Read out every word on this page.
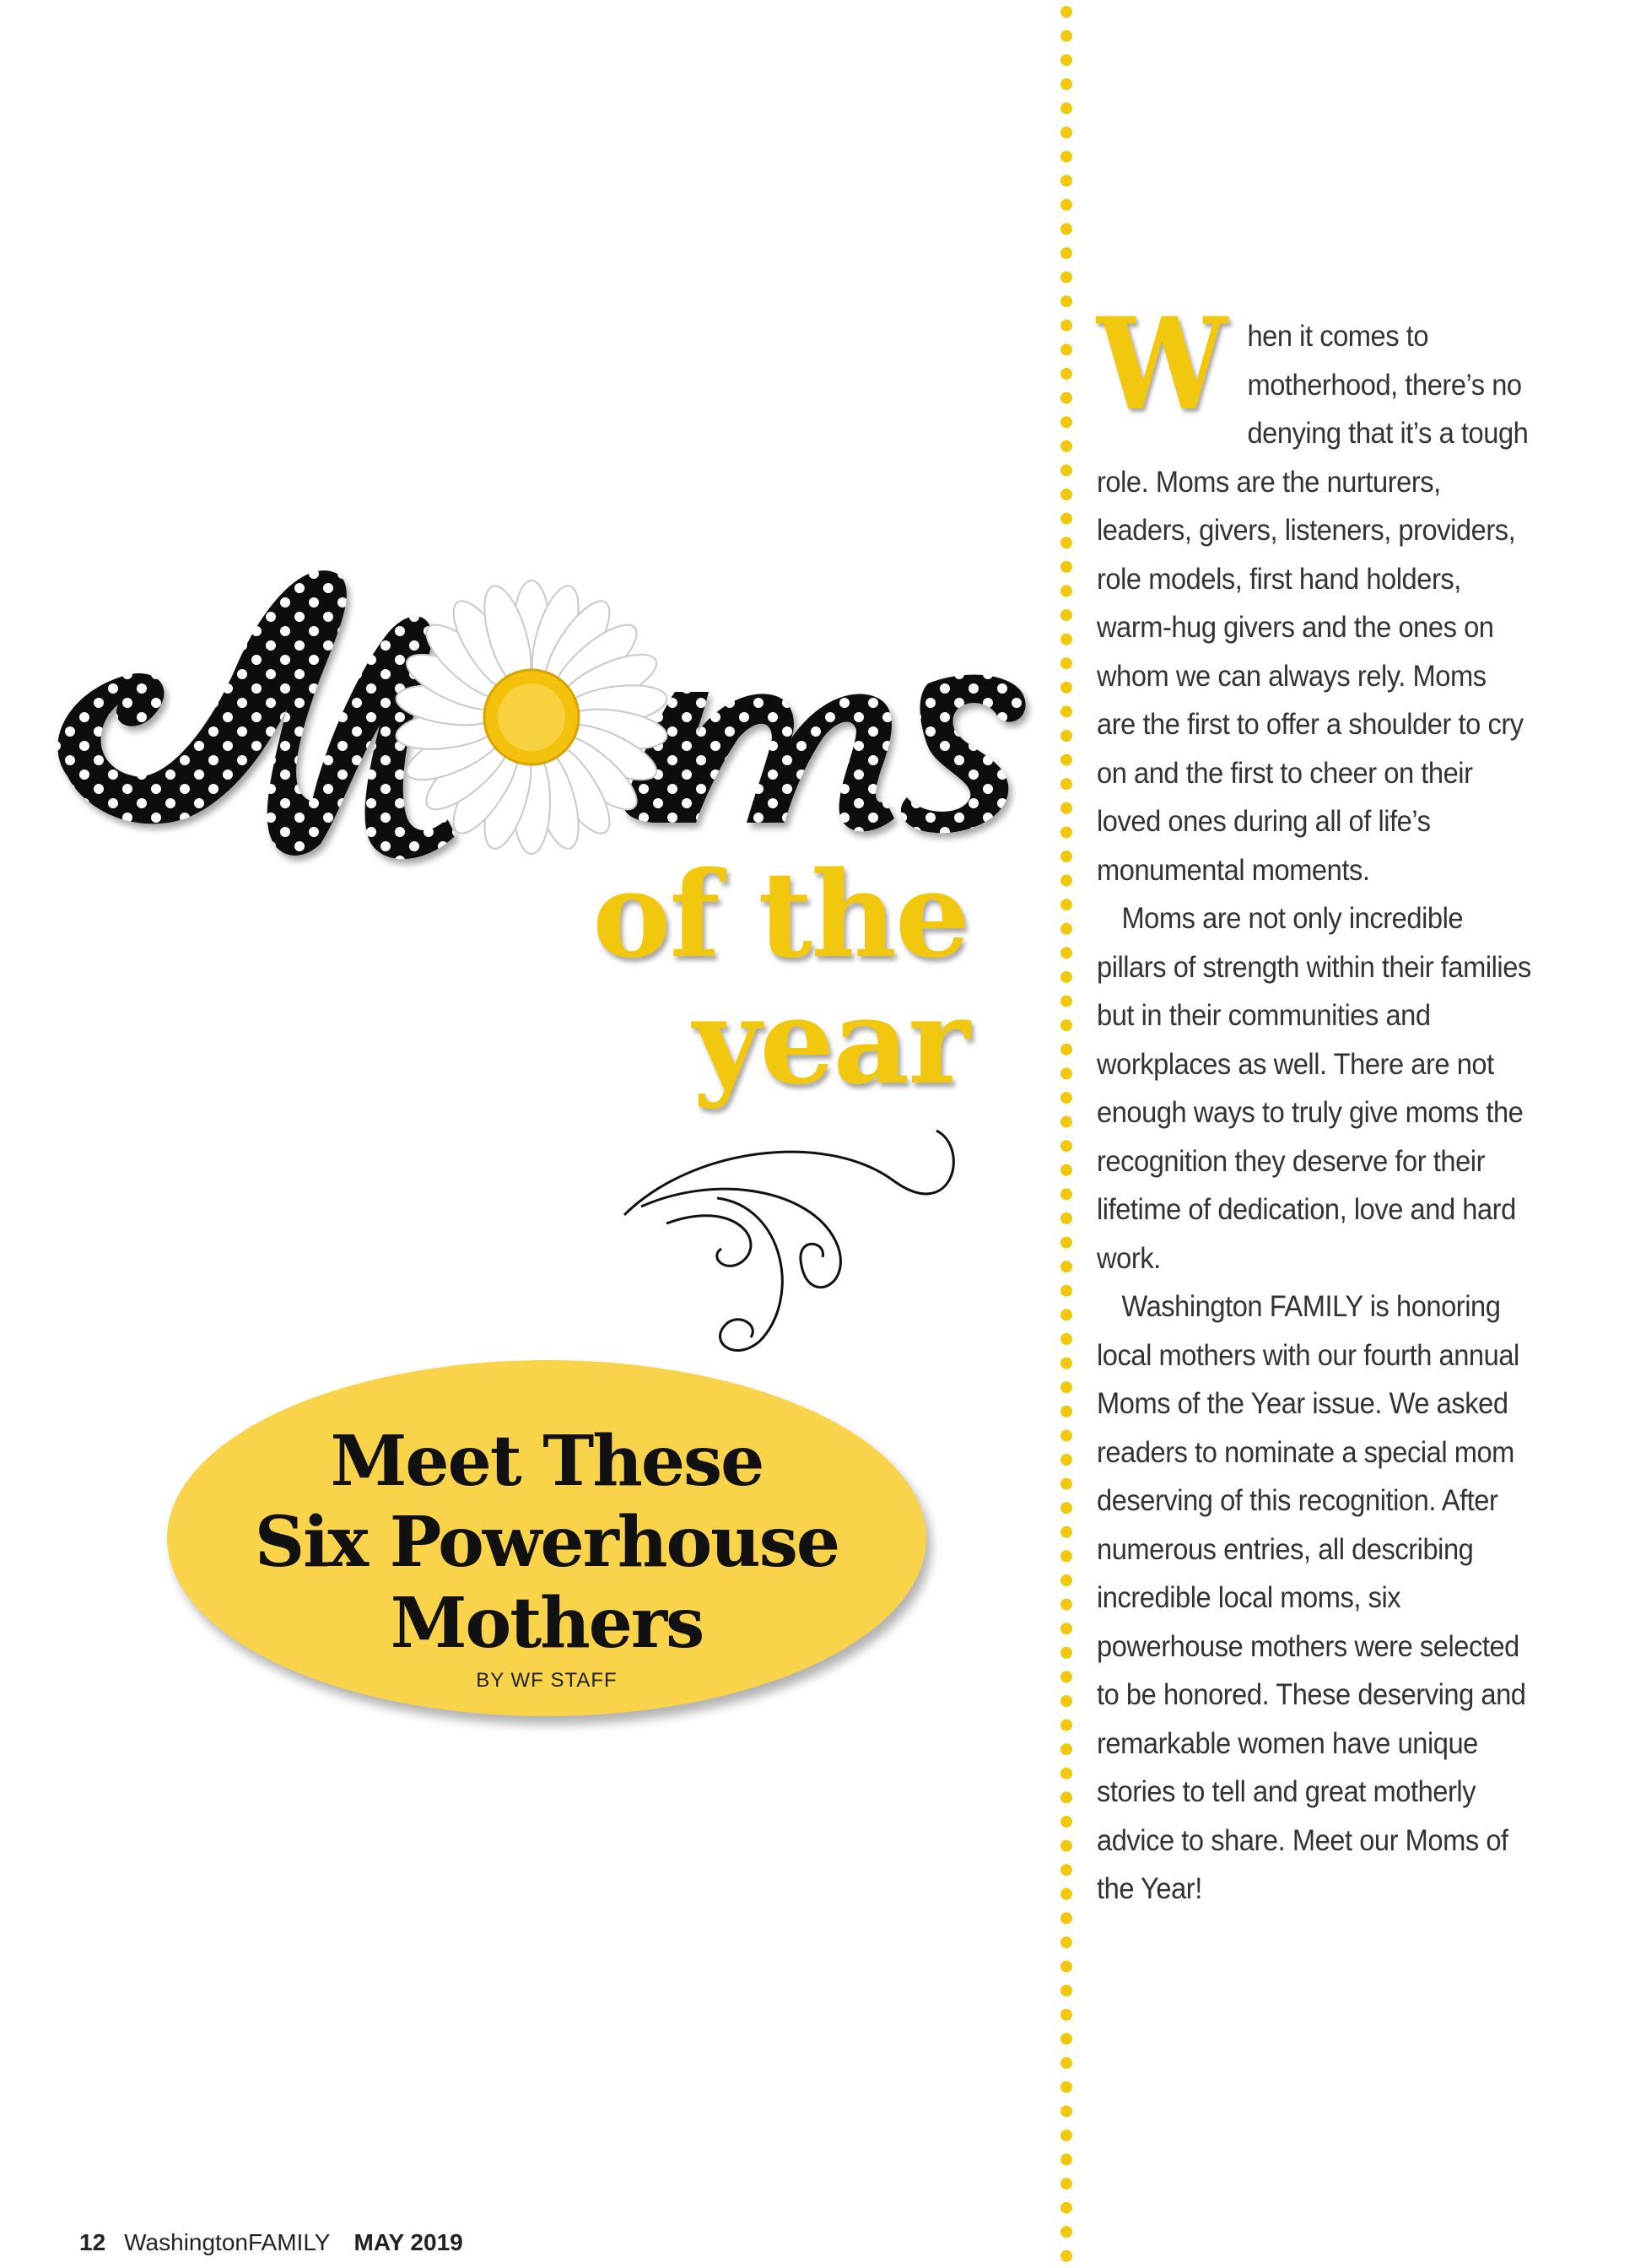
of the
year
Meet These
Six Powerhouse
Mothers
BY WF STAFF

When it comes to motherhood, there’s no denying that it’s a tough role. Moms are the nurturers, leaders, givers, listeners, providers, role models, first hand holders, warm-hug givers and the ones on whom we can always rely. Moms are the first to offer a shoulder to cry on and the first to cheer on their loved ones during all of life’s monumental moments.

Moms are not only incredible pillars of strength within their families but in their communities and workplaces as well. There are not enough ways to truly give moms the recognition they deserve for their lifetime of dedication, love and hard work.

Washington FAMILY is honoring local mothers with our fourth annual Moms of the Year issue. We asked readers to nominate a special mom deserving of this recognition. After numerous entries, all describing incredible local moms, six powerhouse mothers were selected to be honored. These deserving and remarkable women have unique stories to tell and great motherly advice to share. Meet our Moms of the Year!

12 WashingtonFAMILY MAY 2019
